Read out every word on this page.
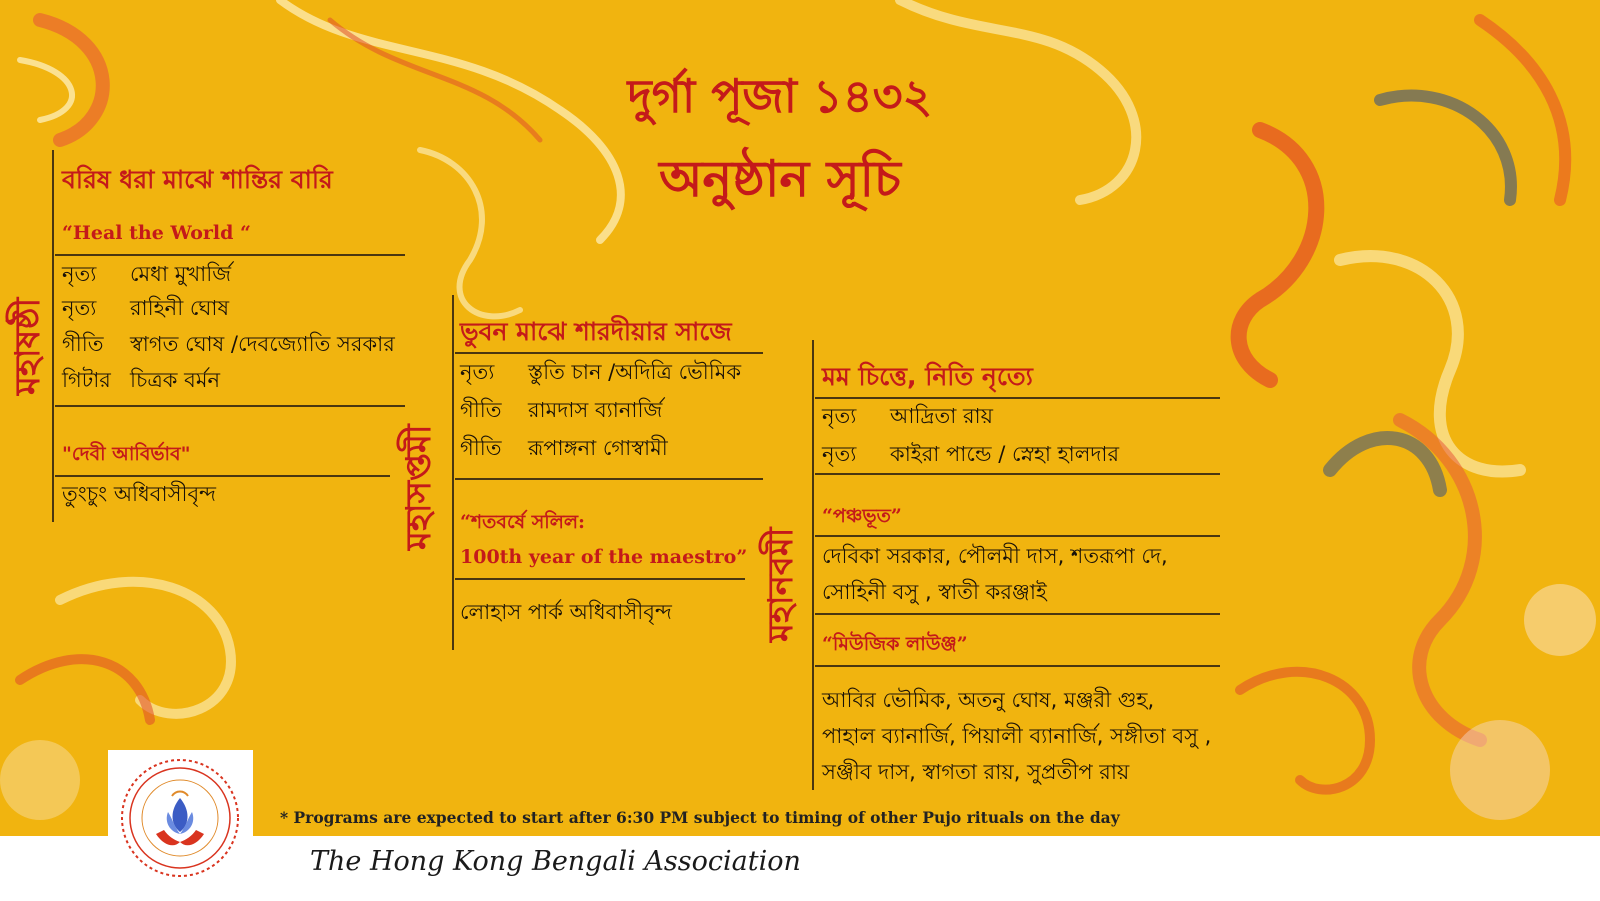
দুর্গা পূজা ১৪৩২
অনুষ্ঠান সূচি
মহাষষ্ঠী
বরিষ ধরা মাঝে শান্তির বারি
“Heal the World “
নৃত্য মেধা মুখার্জি
নৃত্য রাহিনী ঘোষ
গীতি স্বাগত ঘোষ /দেবজ্যোতি সরকার
গিটার চিত্রক বর্মন
"দেবী আবির্ভাব"
তুংচুং অধিবাসীবৃন্দ	মহাসপ্তমী
ভুবন মাঝে শারদীয়ার সাজে
নৃত্য স্তুতি চান /অদিত্রি ভৌমিক
গীতি রামদাস ব্যানার্জি
গীতি রূপাঙ্গনা গোস্বামী
“শতবর্ষে সলিল:
100th year of the maestro”
লোহাস পার্ক অধিবাসীবৃন্দ	মহানবমী
মম চিত্তে, নিতি নৃত্যে
নৃত্য আদ্রিতা রায়
নৃত্য কাইরা পান্ডে / স্নেহা হালদার
“পঞ্চভূত”
দেবিকা সরকার, পৌলমী দাস, শতরূপা দে,
সোহিনী বসু , স্বাতী করঞ্জাই
“মিউজিক লাউঞ্জ”
আবির ভৌমিক, অতনু ঘোষ, মঞ্জরী গুহ,
পাহাল ব্যানার্জি, পিয়ালী ব্যানার্জি, সঙ্গীতা বসু ,
সঞ্জীব দাস, স্বাগতা রায়, সুপ্রতীপ রায়
* Programs are expected to start after 6:30 PM subject to timing of other Pujo rituals on the day
The Hong Kong Bengali Association
